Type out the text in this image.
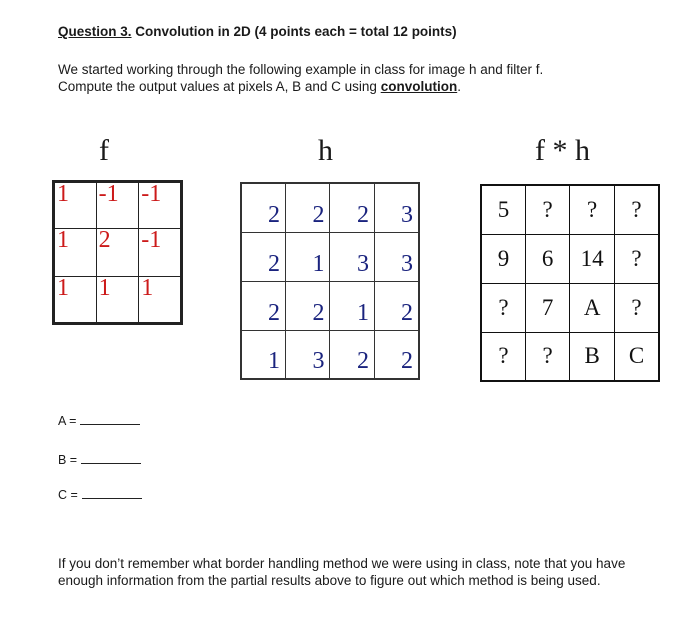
Question 3. Convolution in 2D (4 points each = total 12 points)
We started working through the following example in class for image h and filter f.
Compute the output values at pixels A, B and C using convolution.
f	h	f * h
1	-1	-1
1	2	-1
1	1	1
2	2	2	3
2	1	3	3
2	2	1	2
1	3	2	2
5	?	?	?
9	6	14	?
?	7	A	?
?	?	B	C
A =
B =
C =
If you don’t remember what border handling method we were using in class, note that you have enough information from the partial results above to figure out which method is being used.
